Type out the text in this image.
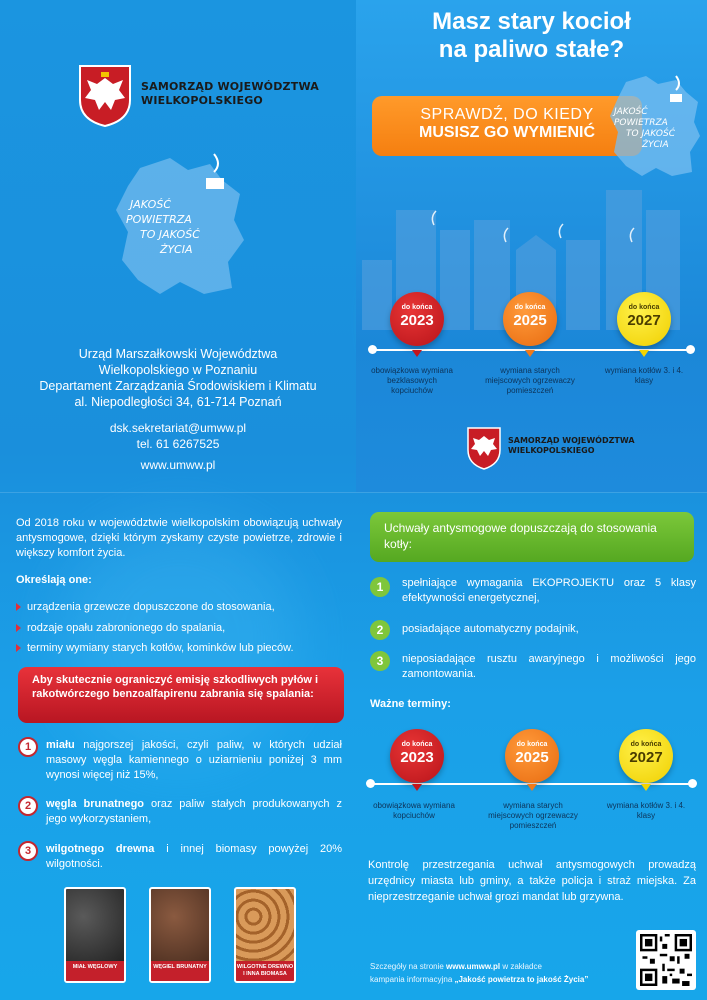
Masz stary kocioł
na paliwo stałe?
SPRAWDŹ, DO KIEDY
MUSISZ GO WYMIENIĆ
JAKOŚĆ
POWIETRZA
TO JAKOŚĆ
ŻYCIA
SAMORZĄD WOJEWÓDZTWA
WIELKOPOLSKIEGO
JAKOŚĆ
POWIETRZA
TO JAKOŚĆ
ŻYCIA
Urząd Marszałkowski Województwa
Wielkopolskiego w Poznaniu
Departament Zarządzania Środowiskiem i Klimatu
al. Niepodległości 34, 61-714 Poznań
dsk.sekretariat@umww.pl
tel. 61 6267525
www.umww.pl
do końca
2023
do końca
2025
do końca
2027
obowiązkowa wymiana bezklasowych kopciuchów
wymiana starych miejscowych ogrzewaczy pomieszczeń
wymiana kotłów 3. i 4. klasy
SAMORZĄD WOJEWÓDZTWA
WIELKOPOLSKIEGO
Od 2018 roku w województwie wielkopolskim obowiązują uchwały antysmogowe, dzięki którym zyskamy czyste powietrze, zdrowie i większy komfort życia.
Określają one:
urządzenia grzewcze dopuszczone do stosowania,
rodzaje opału zabronionego do spalania,
terminy wymiany starych kotłów, kominków lub pieców.
Aby skutecznie ograniczyć emisję szkodliwych pyłów i rakotwórczego benzoalfapirenu zabrania się spalania:
1	miału najgorszej jakości, czyli paliw, w których udział masowy węgla kamiennego o uziarnieniu poniżej 3 mm wynosi więcej niż 15%,
2	węgla brunatnego oraz paliw stałych produkowanych z jego wykorzystaniem,
3	wilgotnego drewna i innej biomasy powyżej 20% wilgotności.
MIAŁ WĘGLOWY	WĘGIEL BRUNATNY	WILGOTNE DREWNO I INNA BIOMASA
Uchwały antysmogowe dopuszczają do stosowania kotły:
1	spełniające wymagania EKOPROJEKTU oraz 5 klasy efektywności energetycznej,
2	posiadające automatyczny podajnik,
3	nieposiadające rusztu awaryjnego i możliwości jego zamontowania.
Ważne terminy:
do końca
2023
do końca
2025
do końca
2027
obowiązkowa wymiana kopciuchów
wymiana starych miejscowych ogrzewaczy pomieszczeń
wymiana kotłów 3. i 4. klasy
Kontrolę przestrzegania uchwał antysmogowych prowadzą urzędnicy miasta lub gminy, a także policja i straż miejska. Za nieprzestrzeganie uchwał grozi mandat lub grzywna.
Szczegóły na stronie www.umww.pl w zakładce
kampania informacyjna „Jakość powietrza to jakość Życia”
